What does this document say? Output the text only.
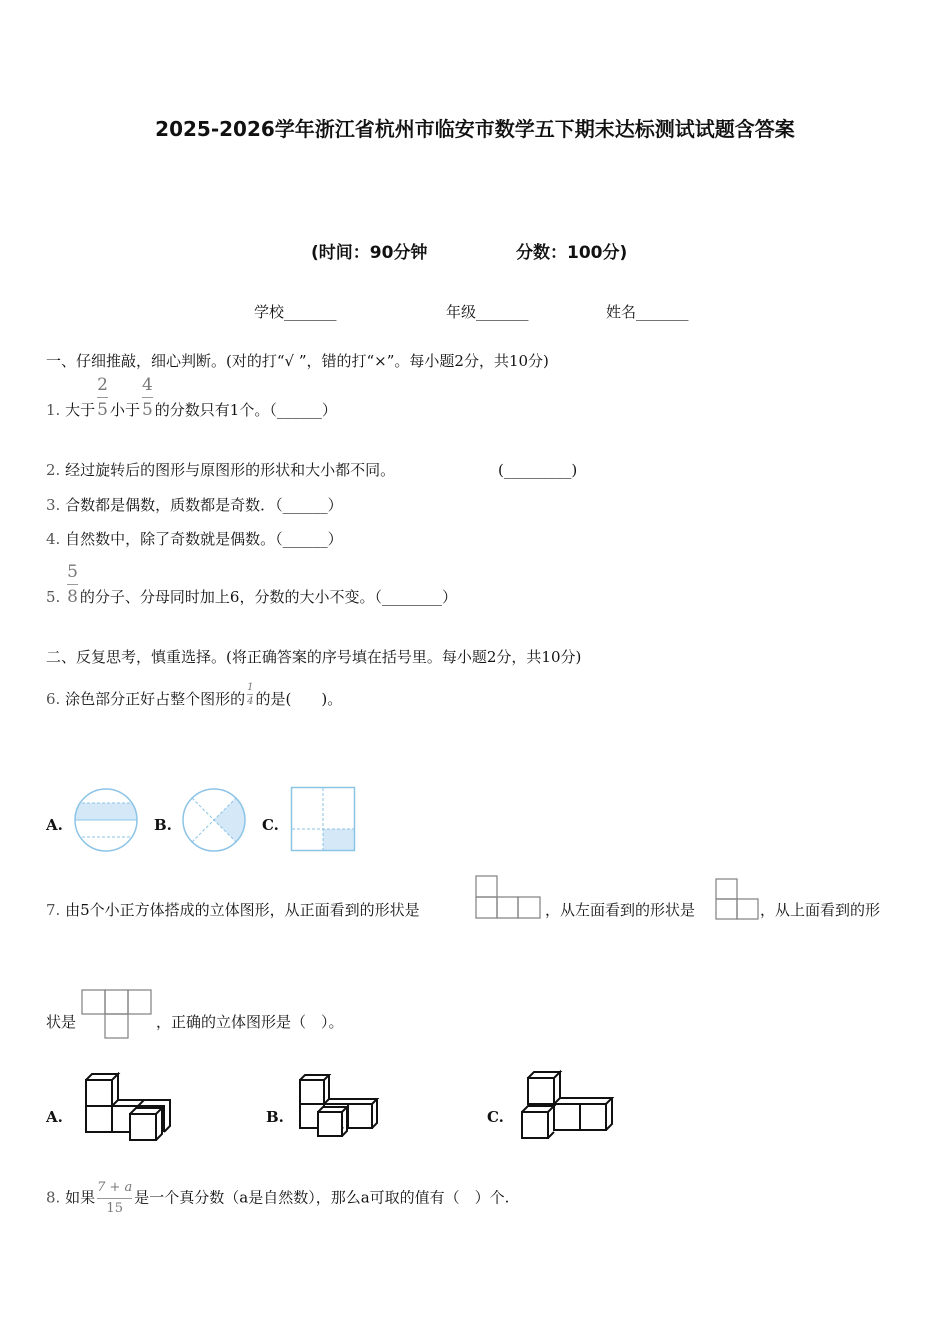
2025-2026学年浙江省杭州市临安市数学五下期末达标测试试题含答案
(时间：90分钟	分数：100分)
学校_______	年级_______	姓名_______
一、仔细推敲，细心判断。(对的打“√ ”，错的打“×”。每小题2分，共10分)
1. 大于 $\frac{2}{5}$ 小于 $\frac{4}{5}$ 的分数只有1个。（______）
2. 经过旋转后的图形与原图形的形状和大小都不同。	(_________)
3. 合数都是偶数，质数都是奇数．（______）
4. 自然数中，除了奇数就是偶数。（______）
5. $\frac{5}{8}$ 的分子、分母同时加上6，分数的大小不变。（________）
二、反复思考，慎重选择。(将正确答案的序号填在括号里。每小题2分，共10分)
6. 涂色部分正好占整个图形的 $\frac{1}{4}$ 的是(　　)。
A.	B.	C.
7. 由5个小正方体搭成的立体图形，从正面看到的形状是	，从左面看到的形状是	，从上面看到的形
状是	，正确的立体图形是（　）。
A.	B.	C.
8. 如果 $\frac{7 + a}{15}$ 是一个真分数（a是自然数），那么a可取的值有（　）个.
